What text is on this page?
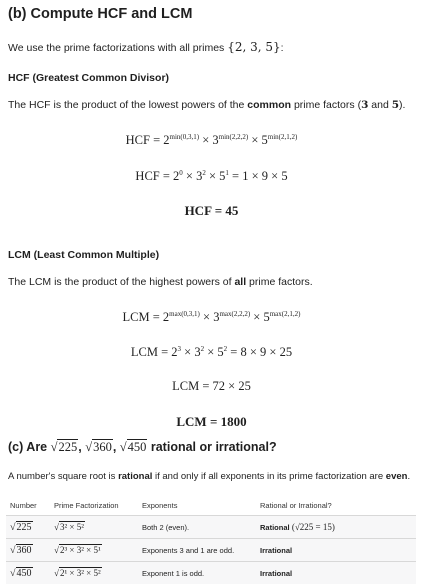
(b) Compute HCF and LCM
We use the prime factorizations with all primes {2, 3, 5}:
HCF (Greatest Common Divisor)
The HCF is the product of the lowest powers of the common prime factors (3 and 5).
HCF = $2^{min(0,3,1)} \times 3^{min(2,2,2)} \times 5^{min(2,1,2)}$
HCF = $2^0 \times 3^2 \times 5^1 = 1 \times 9 \times 5$
HCF = 45
LCM (Least Common Multiple)
The LCM is the product of the highest powers of all prime factors.
LCM = $2^{max(0,3,1)} \times 3^{max(2,2,2)} \times 5^{max(2,1,2)}$
LCM = $2^3 \times 3^2 \times 5^2 = 8 \times 9 \times 25$
LCM = 72 × 25
LCM = 1800
(c) Are √225, √360, √450 rational or irrational?
A number's square root is rational if and only if all exponents in its prime factorization are even.
Number	Prime Factorization	Exponents	Rational or Irrational?
√225	√3² × 5²	Both 2 (even).	Rational (√225 = 15)
√360	√2³ × 3² × 5¹	Exponents 3 and 1 are odd.	Irrational
√450	√2¹ × 3² × 5²	Exponent 1 is odd.	Irrational
